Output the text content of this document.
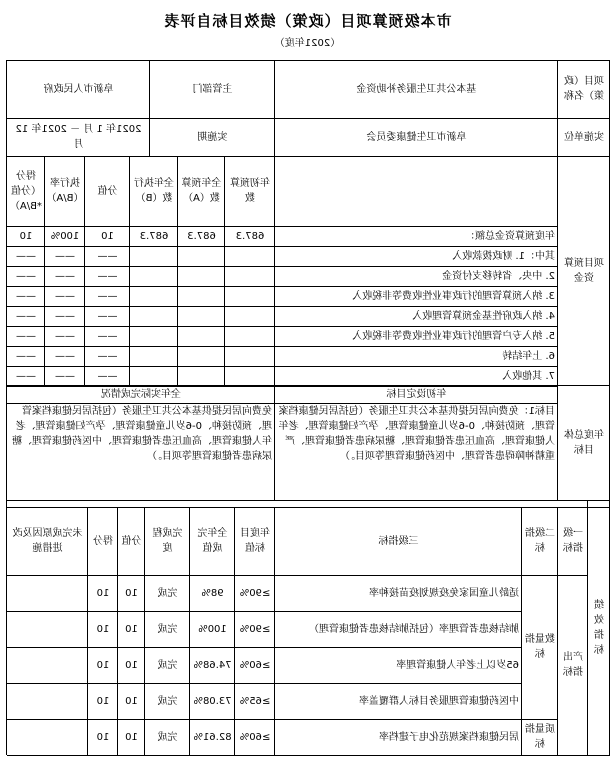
市本级预算项目（政策）绩效目标自评表
（2021年度）
项目（政策）名称
基本公共卫生服务补助资金
主管部门
阜新市人民政府
实施单位
阜新市卫生健康委员会
实施期
2021年 1 月 － 2021年 12 月
项目预算资金
年初预算数
全年预算数（A）
全年执行数（B）
分值
执行率（B/A）
得分（分值*B/A）
年度预算资金总额：
687.3
687.3
687.3
10
100%
10
其中：1. 财政拨款收入
——
——
——
2. 中央、省转移支付资金
——
——
——
3. 纳入预算管理的行政事业性收费等非税收入
——
——
——
4. 纳入政府性基金预算管理收入
——
——
——
5. 纳入专户管理的行政事业性收费等非税收入
——
——
——
6. 上年结转
——
——
——
7. 其他收入
——
——
——
年度总体目标
年初设定目标
全年实际完成情况
目标1：免费向居民提供基本公共卫生服务（包括居民健康档案管理、预防接种、0-6岁儿童健康管理、孕产妇健康管理、老年人健康管理、高血压患者健康管理、糖尿病患者健康管理、严重精神障碍患者管理、中医药健康管理等项目。）
免费向居民提供基本公共卫生服务（包括居民健康档案管理、预防接种、0-6岁儿童健康管理、孕产妇健康管理、老年人健康管理、高血压患者健康管理、中医药健康管理、糖尿病患者健康管理等项目。）
绩效指标
一级指标
二级指标
三级指标
年度目标值
全年完成值
完成程度
分值
得分
未完成原因及改进措施
产出指标
适龄儿童国家免疫规划疫苗接种率
≥90%
98%
完成
10
10
肺结核患者管理率（包括肺结核患者健康管理）
≥90%
100%
完成
10
10
65岁以上老年人健康管理率
≥60%
74.68%
完成
10
10
中医药健康管理服务目标人群覆盖率
≥65%
73.08%
完成
10
10
居民健康档案规范化电子建档率
≥60%
82.61%
完成
10
10
数量指标
质量指标
